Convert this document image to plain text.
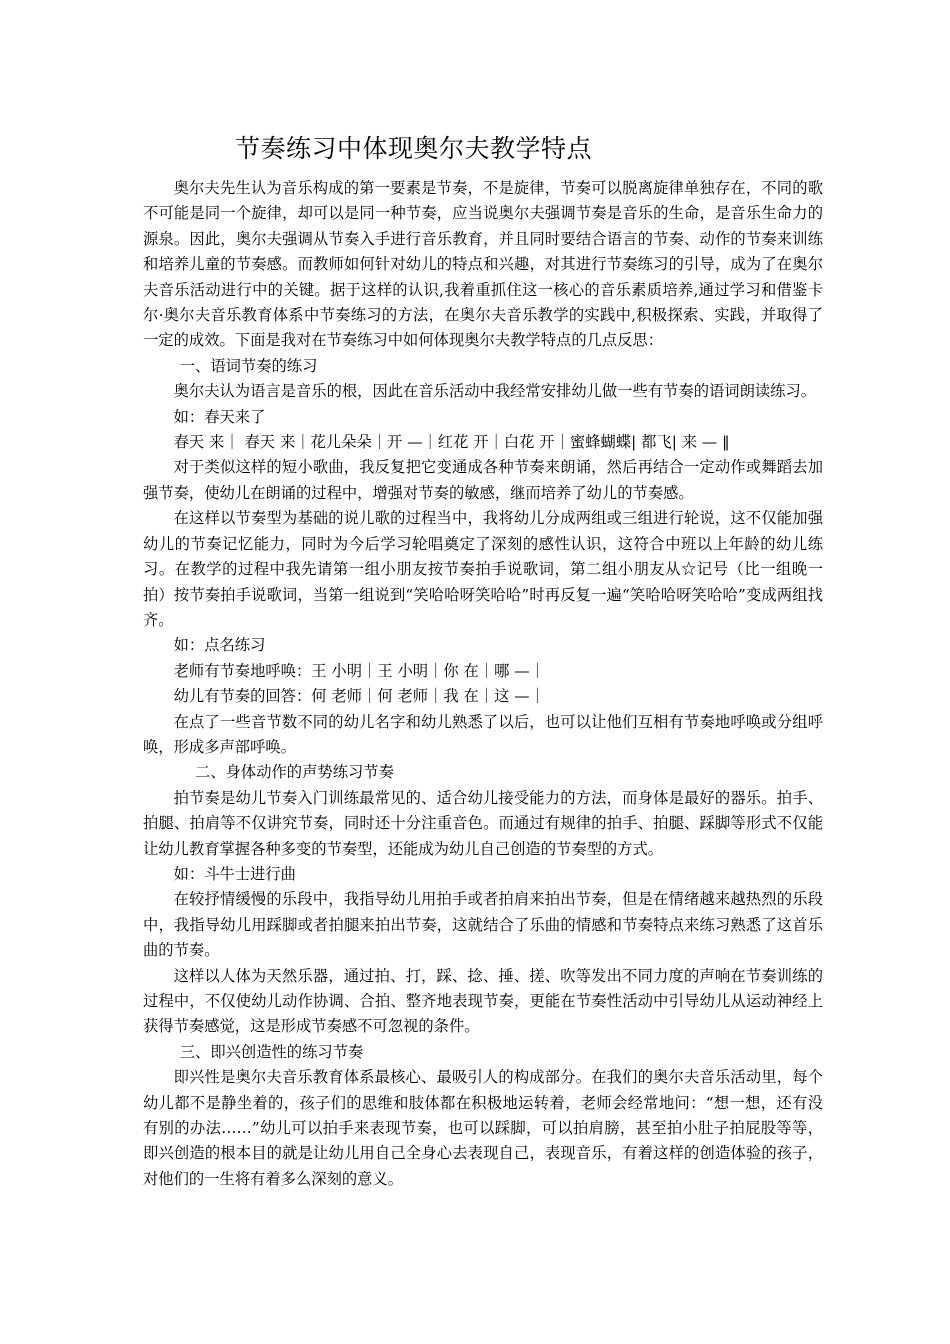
节奏练习中体现奥尔夫教学特点

奥尔夫先生认为音乐构成的第一要素是节奏，不是旋律，节奏可以脱离旋律单独存在，不同的歌不可能是同一个旋律，却可以是同一种节奏，应当说奥尔夫强调节奏是音乐的生命，是音乐生命力的源泉。因此，奥尔夫强调从节奏入手进行音乐教育，并且同时要结合语言的节奏、动作的节奏来训练和培养儿童的节奏感。而教师如何针对幼儿的特点和兴趣，对其进行节奏练习的引导，成为了在奥尔夫音乐活动进行中的关键。据于这样的认识,我着重抓住这一核心的音乐素质培养,通过学习和借鉴卡尔·奥尔夫音乐教育体系中节奏练习的方法，在奥尔夫音乐教学的实践中,积极探索、实践，并取得了一定的成效。下面是我对在节奏练习中如何体现奥尔夫教学特点的几点反思：

一、语词节奏的练习

奥尔夫认为语言是音乐的根，因此在音乐活动中我经常安排幼儿做一些有节奏的语词朗读练习。

如：春天来了

春天 来｜ 春天 来｜花儿朵朵｜开 —｜红花 开｜白花 开｜蜜蜂蝴蝶| 都飞| 来 — ‖

对于类似这样的短小歌曲，我反复把它变通成各种节奏来朗诵，然后再结合一定动作或舞蹈去加强节奏，使幼儿在朗诵的过程中，增强对节奏的敏感，继而培养了幼儿的节奏感。

在这样以节奏型为基础的说儿歌的过程当中，我将幼儿分成两组或三组进行轮说，这不仅能加强幼儿的节奏记忆能力，同时为今后学习轮唱奠定了深刻的感性认识，这符合中班以上年龄的幼儿练习。在教学的过程中我先请第一组小朋友按节奏拍手说歌词，第二组小朋友从☆记号（比一组晚一拍）按节奏拍手说歌词，当第一组说到“笑哈哈呀笑哈哈”时再反复一遍“笑哈哈呀笑哈哈”变成两组找齐。

如：点名练习

老师有节奏地呼唤：王 小明｜王 小明｜你 在｜哪 —｜

幼儿有节奏的回答：何 老师｜何 老师｜我 在｜这 —｜

在点了一些音节数不同的幼儿名字和幼儿熟悉了以后，也可以让他们互相有节奏地呼唤或分组呼唤，形成多声部呼唤。

二、身体动作的声势练习节奏

拍节奏是幼儿节奏入门训练最常见的、适合幼儿接受能力的方法，而身体是最好的器乐。拍手、拍腿、拍肩等不仅讲究节奏，同时还十分注重音色。而通过有规律的拍手、拍腿、踩脚等形式不仅能让幼儿教育掌握各种多变的节奏型，还能成为幼儿自己创造的节奏型的方式。

如：斗牛士进行曲

在较抒情缓慢的乐段中，我指导幼儿用拍手或者拍肩来拍出节奏，但是在情绪越来越热烈的乐段中，我指导幼儿用踩脚或者拍腿来拍出节奏，这就结合了乐曲的情感和节奏特点来练习熟悉了这首乐曲的节奏。

这样以人体为天然乐器，通过拍、打，踩、捻、捶、搓、吹等发出不同力度的声响在节奏训练的过程中，不仅使幼儿动作协调、合拍、整齐地表现节奏，更能在节奏性活动中引导幼儿从运动神经上获得节奏感觉，这是形成节奏感不可忽视的条件。

三、即兴创造性的练习节奏

即兴性是奥尔夫音乐教育体系最核心、最吸引人的构成部分。在我们的奥尔夫音乐活动里，每个幼儿都不是静坐着的，孩子们的思维和肢体都在积极地运转着，老师会经常地问：“想一想，还有没有别的办法……”幼儿可以拍手来表现节奏，也可以踩脚，可以拍肩膀，甚至拍小肚子拍屁股等等，即兴创造的根本目的就是让幼儿用自己全身心去表现自己，表现音乐，有着这样的创造体验的孩子，对他们的一生将有着多么深刻的意义。
